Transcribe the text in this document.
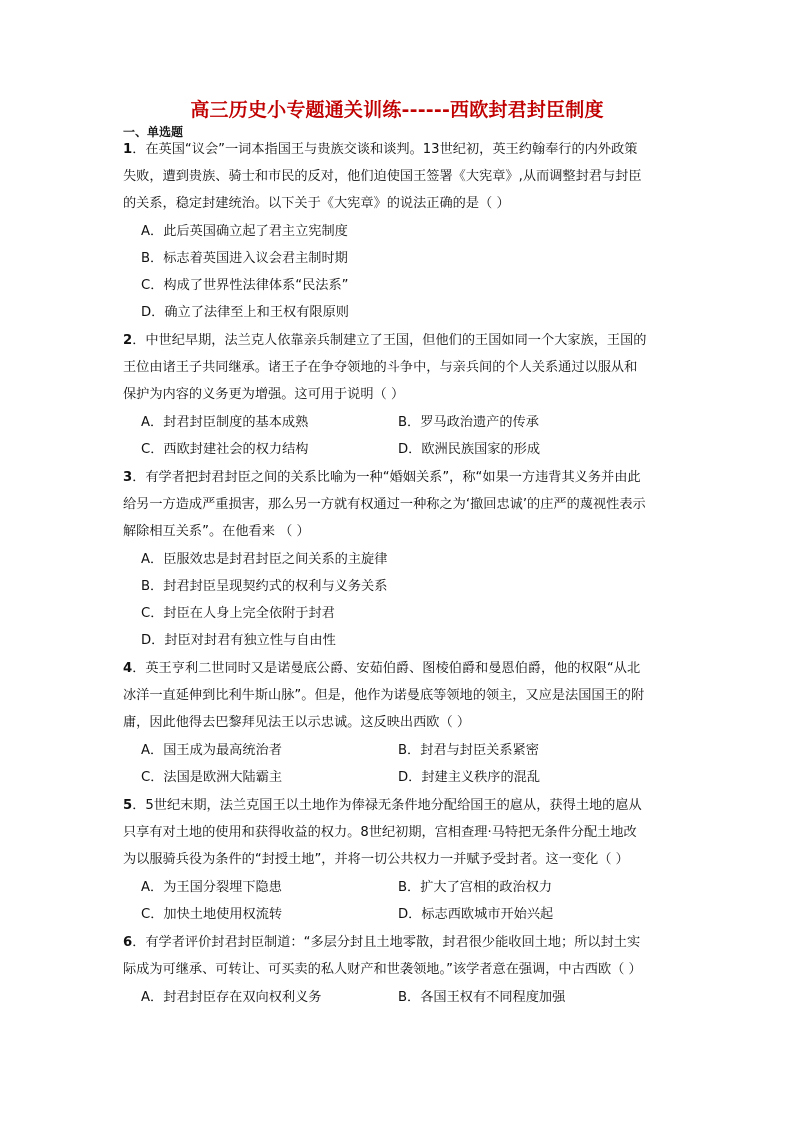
高三历史小专题通关训练------西欧封君封臣制度
一、单选题
1．在英国“议会”一词本指国王与贵族交谈和谈判。13世纪初，英王约翰奉行的内外政策
失败，遭到贵族、骑士和市民的反对，他们迫使国王签署《大宪章》,从而调整封君与封臣
的关系，稳定封建统治。以下关于《大宪章》的说法正确的是（ ）
A．此后英国确立起了君主立宪制度
B．标志着英国进入议会君主制时期
C．构成了世界性法律体系“民法系”
D．确立了法律至上和王权有限原则
2．中世纪早期，法兰克人依靠亲兵制建立了王国，但他们的王国如同一个大家族，王国的
王位由诸王子共同继承。诸王子在争夺领地的斗争中，与亲兵间的个人关系通过以服从和
保护为内容的义务更为增强。这可用于说明（ ）
A．封君封臣制度的基本成熟	B．罗马政治遗产的传承
C．西欧封建社会的权力结构	D．欧洲民族国家的形成
3．有学者把封君封臣之间的关系比喻为一种“婚姻关系”，称“如果一方违背其义务并由此
给另一方造成严重损害，那么另一方就有权通过一种称之为‘撤回忠诚’的庄严的蔑视性表示
解除相互关系”。在他看来 （ ）
A．臣服效忠是封君封臣之间关系的主旋律
B．封君封臣呈现契约式的权利与义务关系
C．封臣在人身上完全依附于封君
D．封臣对封君有独立性与自由性
4．英王亨利二世同时又是诺曼底公爵、安茹伯爵、图棱伯爵和曼恩伯爵，他的权限“从北
冰洋一直延伸到比利牛斯山脉”。但是，他作为诺曼底等领地的领主，又应是法国国王的附
庸，因此他得去巴黎拜见法王以示忠诚。这反映出西欧（ ）
A．国王成为最高统治者	B．封君与封臣关系紧密
C．法国是欧洲大陆霸主	D．封建主义秩序的混乱
5．5世纪末期，法兰克国王以土地作为俸禄无条件地分配给国王的扈从，获得土地的扈从
只享有对土地的使用和获得收益的权力。8世纪初期，宫相查理·马特把无条件分配土地改
为以服骑兵役为条件的“封授土地”，并将一切公共权力一并赋予受封者。这一变化（ ）
A．为王国分裂埋下隐患	B．扩大了宫相的政治权力
C．加快土地使用权流转	D．标志西欧城市开始兴起
6．有学者评价封君封臣制道：“多层分封且土地零散，封君很少能收回土地；所以封土实
际成为可继承、可转让、可买卖的私人财产和世袭领地。”该学者意在强调，中古西欧（ ）
A．封君封臣存在双向权利义务	B．各国王权有不同程度加强
